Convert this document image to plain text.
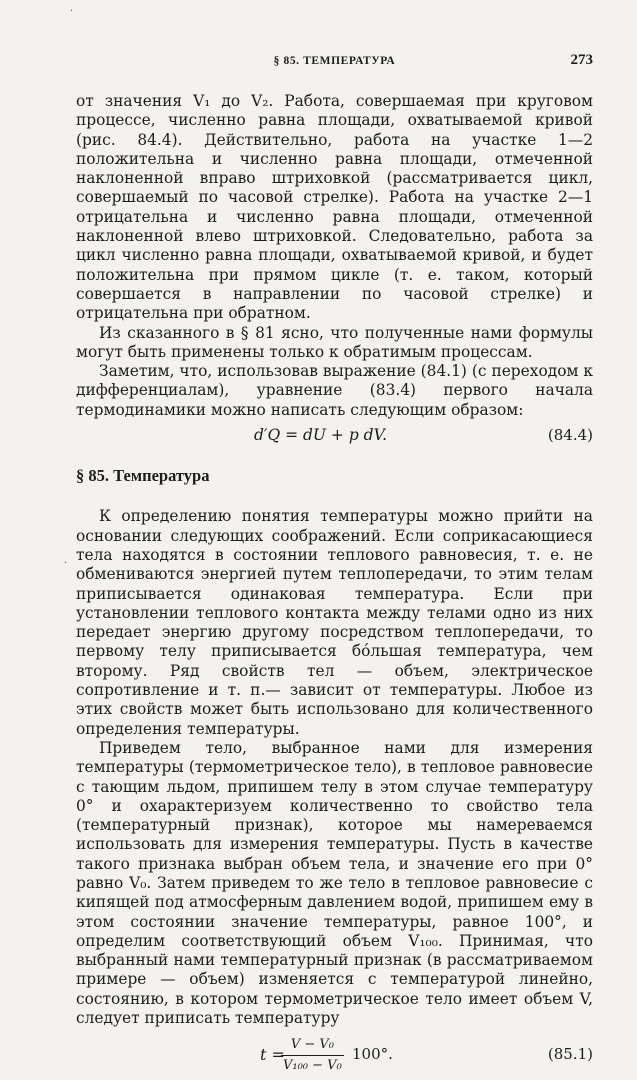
§ 85. ТЕМПЕРАТУРА	273

от значения V₁ до V₂. Работа, совершаемая при круговом процессе, численно равна площади, охватываемой кривой (рис. 84.4). Действительно, работа на участке 1—2 положительна и численно равна площади, отмеченной наклоненной вправо штриховкой (рассматривается цикл, совершаемый по часовой стрелке). Работа на участке 2—1 отрицательна и численно равна площади, отмеченной наклоненной влево штриховкой. Следовательно, работа за цикл численно равна площади, охватываемой кривой, и будет положительна при прямом цикле (т. е. таком, который совершается в направлении по часовой стрелке) и отрицательна при обратном.

Из сказанного в § 81 ясно, что полученные нами формулы могут быть применены только к обратимым процессам.

Заметим, что, использовав выражение (84.1) (с переходом к дифференциалам), уравнение (83.4) первого начала термодинамики можно написать следующим образом:

d′Q = dU + p dV.	(84.4)
§ 85. Температура

К определению понятия температуры можно прийти на основании следующих соображений. Если соприкасающиеся тела находятся в состоянии теплового равновесия, т. е. не обмениваются энергией путем теплопередачи, то этим телам приписывается одинаковая температура. Если при установлении теплового контакта между телами одно из них передает энергию другому посредством теплопередачи, то первому телу приписывается бо́льшая температура, чем второму. Ряд свойств тел — объем, электрическое сопротивление и т. п.— зависит от температуры. Любое из этих свойств может быть использовано для количественного определения температуры.

Приведем тело, выбранное нами для измерения температуры (термометрическое тело), в тепловое равновесие с тающим льдом, припишем телу в этом случае температуру 0° и охарактеризуем количественно то свойство тела (температурный признак), которое мы намереваемся использовать для измерения температуры. Пусть в качестве такого признака выбран объем тела, и значение его при 0° равно V₀. Затем приведем то же тело в тепловое равновесие с кипящей под атмосферным давлением водой, припишем ему в этом состоянии значение температуры, равное 100°, и определим соответствующий объем V₁₀₀. Принимая, что выбранный нами температурный признак (в рассматриваемом примере — объем) изменяется с температурой линейно, состоянию, в котором термометрическое тело имеет объем V, следует приписать температуру

t =
$\frac{\text{V − V₀}}{\text{V₁₀₀ − V₀}} 100^\circ$.	(85.1)
·
·
